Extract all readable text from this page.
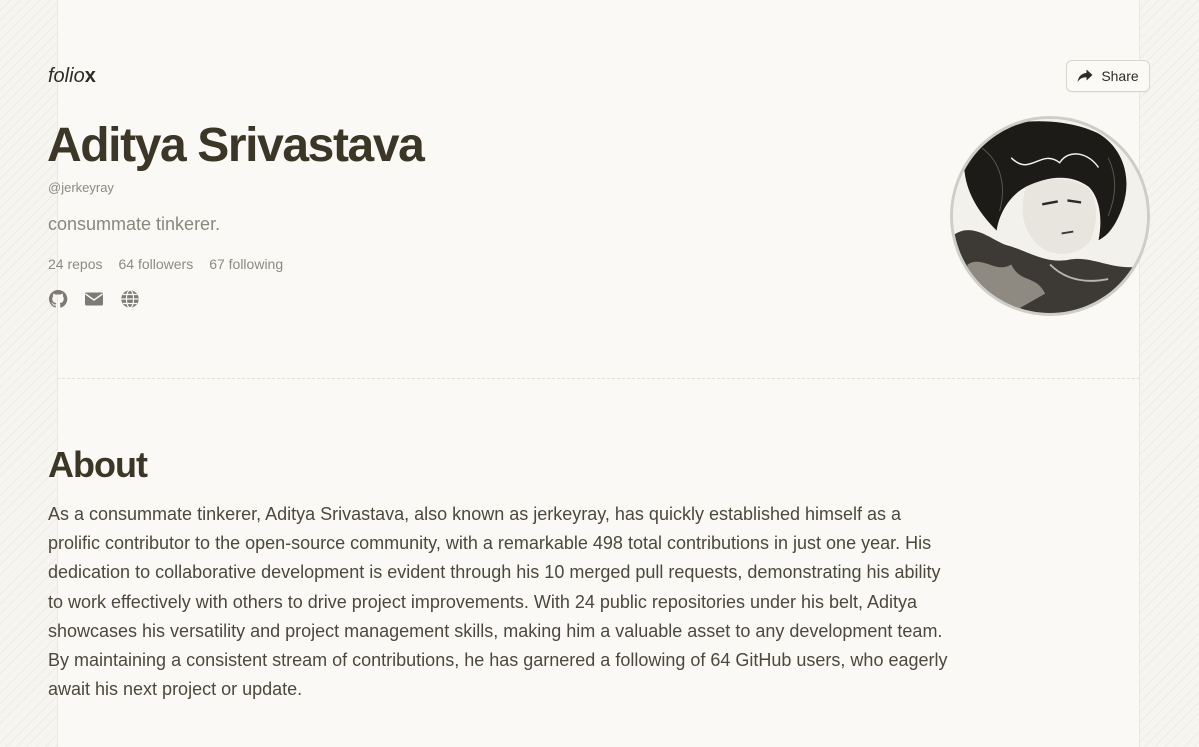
foliox	Share
Aditya Srivastava
@jerkeyray
consummate tinkerer.
24 repos 64 followers 67 following
About

As a consummate tinkerer, Aditya Srivastava, also known as jerkeyray, has quickly established himself as a prolific contributor to the open-source community, with a remarkable 498 total contributions in just one year. His dedication to collaborative development is evident through his 10 merged pull requests, demonstrating his ability to work effectively with others to drive project improvements. With 24 public repositories under his belt, Aditya showcases his versatility and project management skills, making him a valuable asset to any development team. By maintaining a consistent stream of contributions, he has garnered a following of 64 GitHub users, who eagerly await his next project or update.
